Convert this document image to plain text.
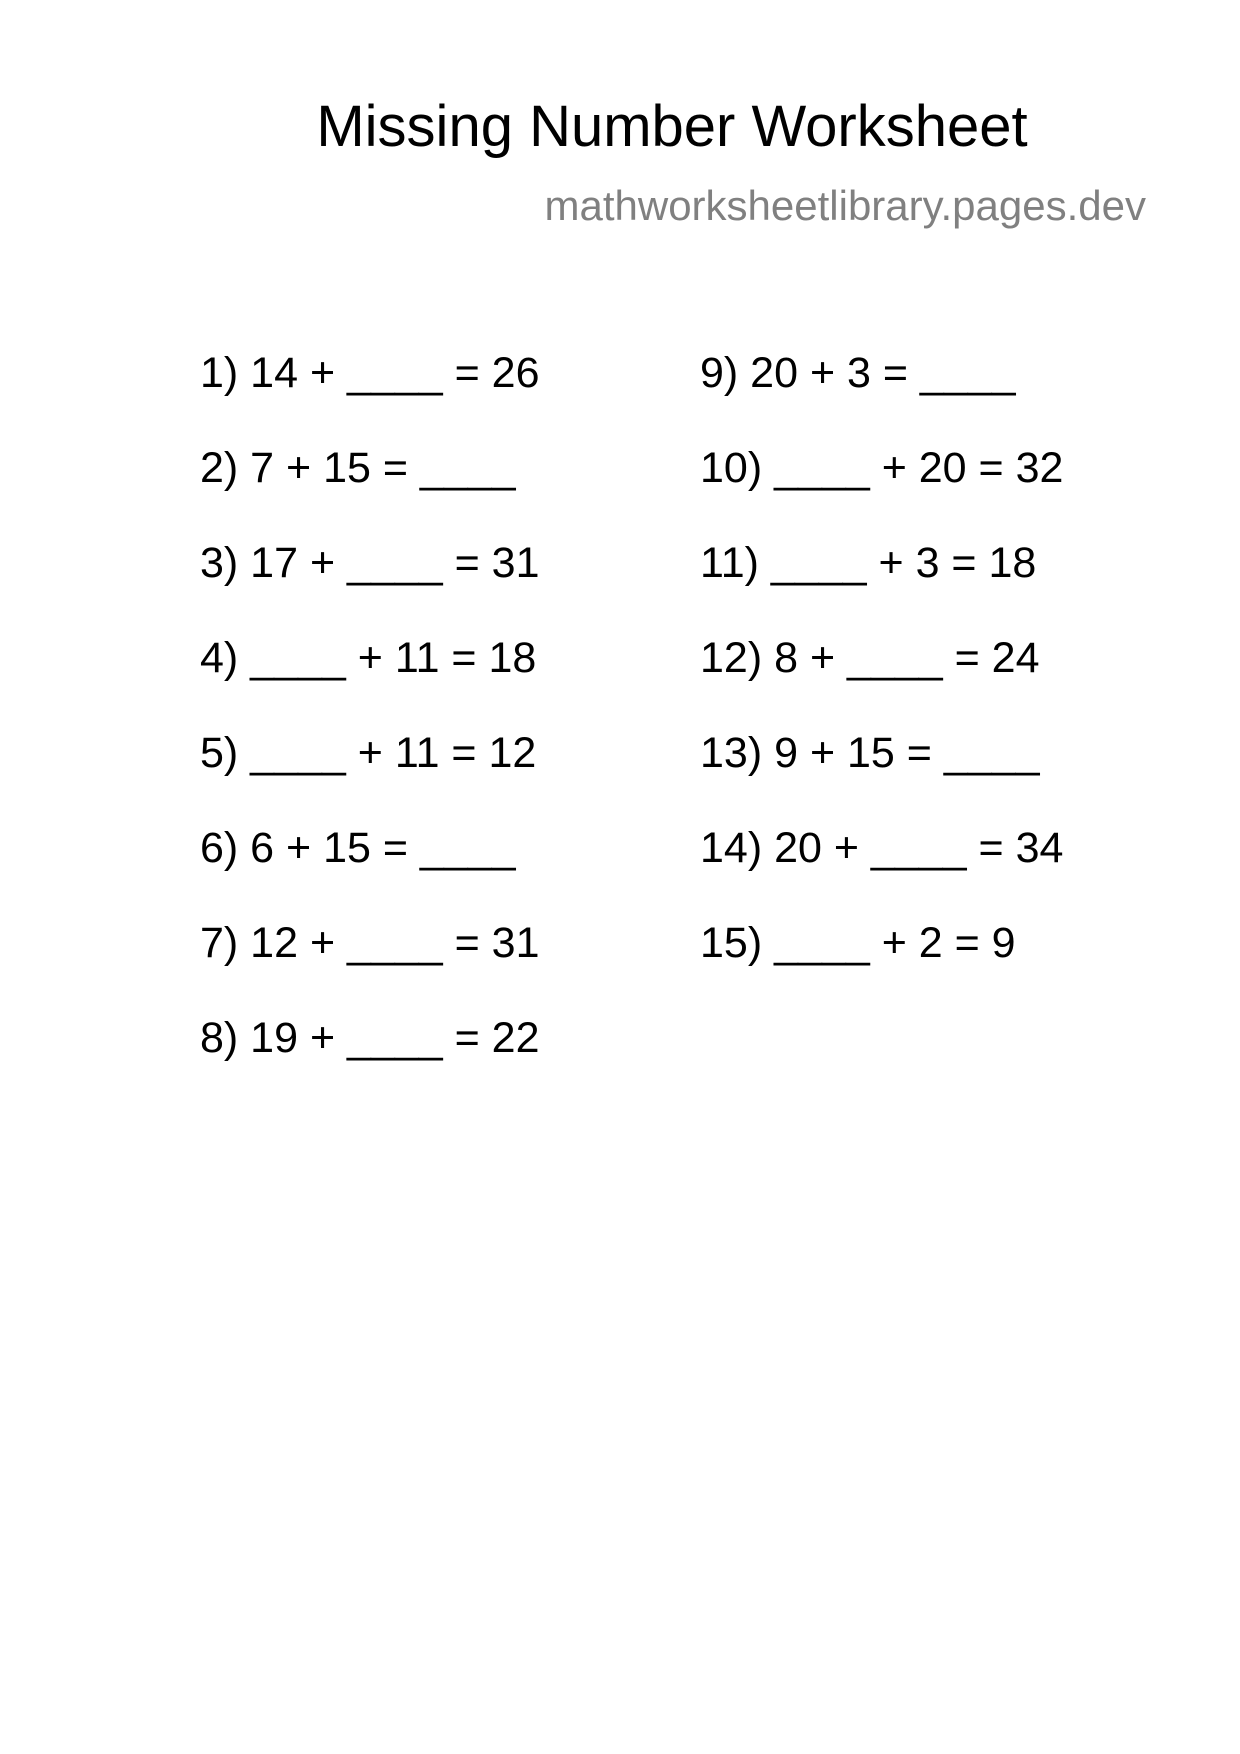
Missing Number Worksheet
mathworksheetlibrary.pages.dev
1) 14 + ____ = 26
2) 7 + 15 = ____
3) 17 + ____ = 31
4) ____ + 11 = 18
5) ____ + 11 = 12
6) 6 + 15 = ____
7) 12 + ____ = 31
8) 19 + ____ = 22
9) 20 + 3 = ____
10) ____ + 20 = 32
11) ____ + 3 = 18
12) 8 + ____ = 24
13) 9 + 15 = ____
14) 20 + ____ = 34
15) ____ + 2 = 9
